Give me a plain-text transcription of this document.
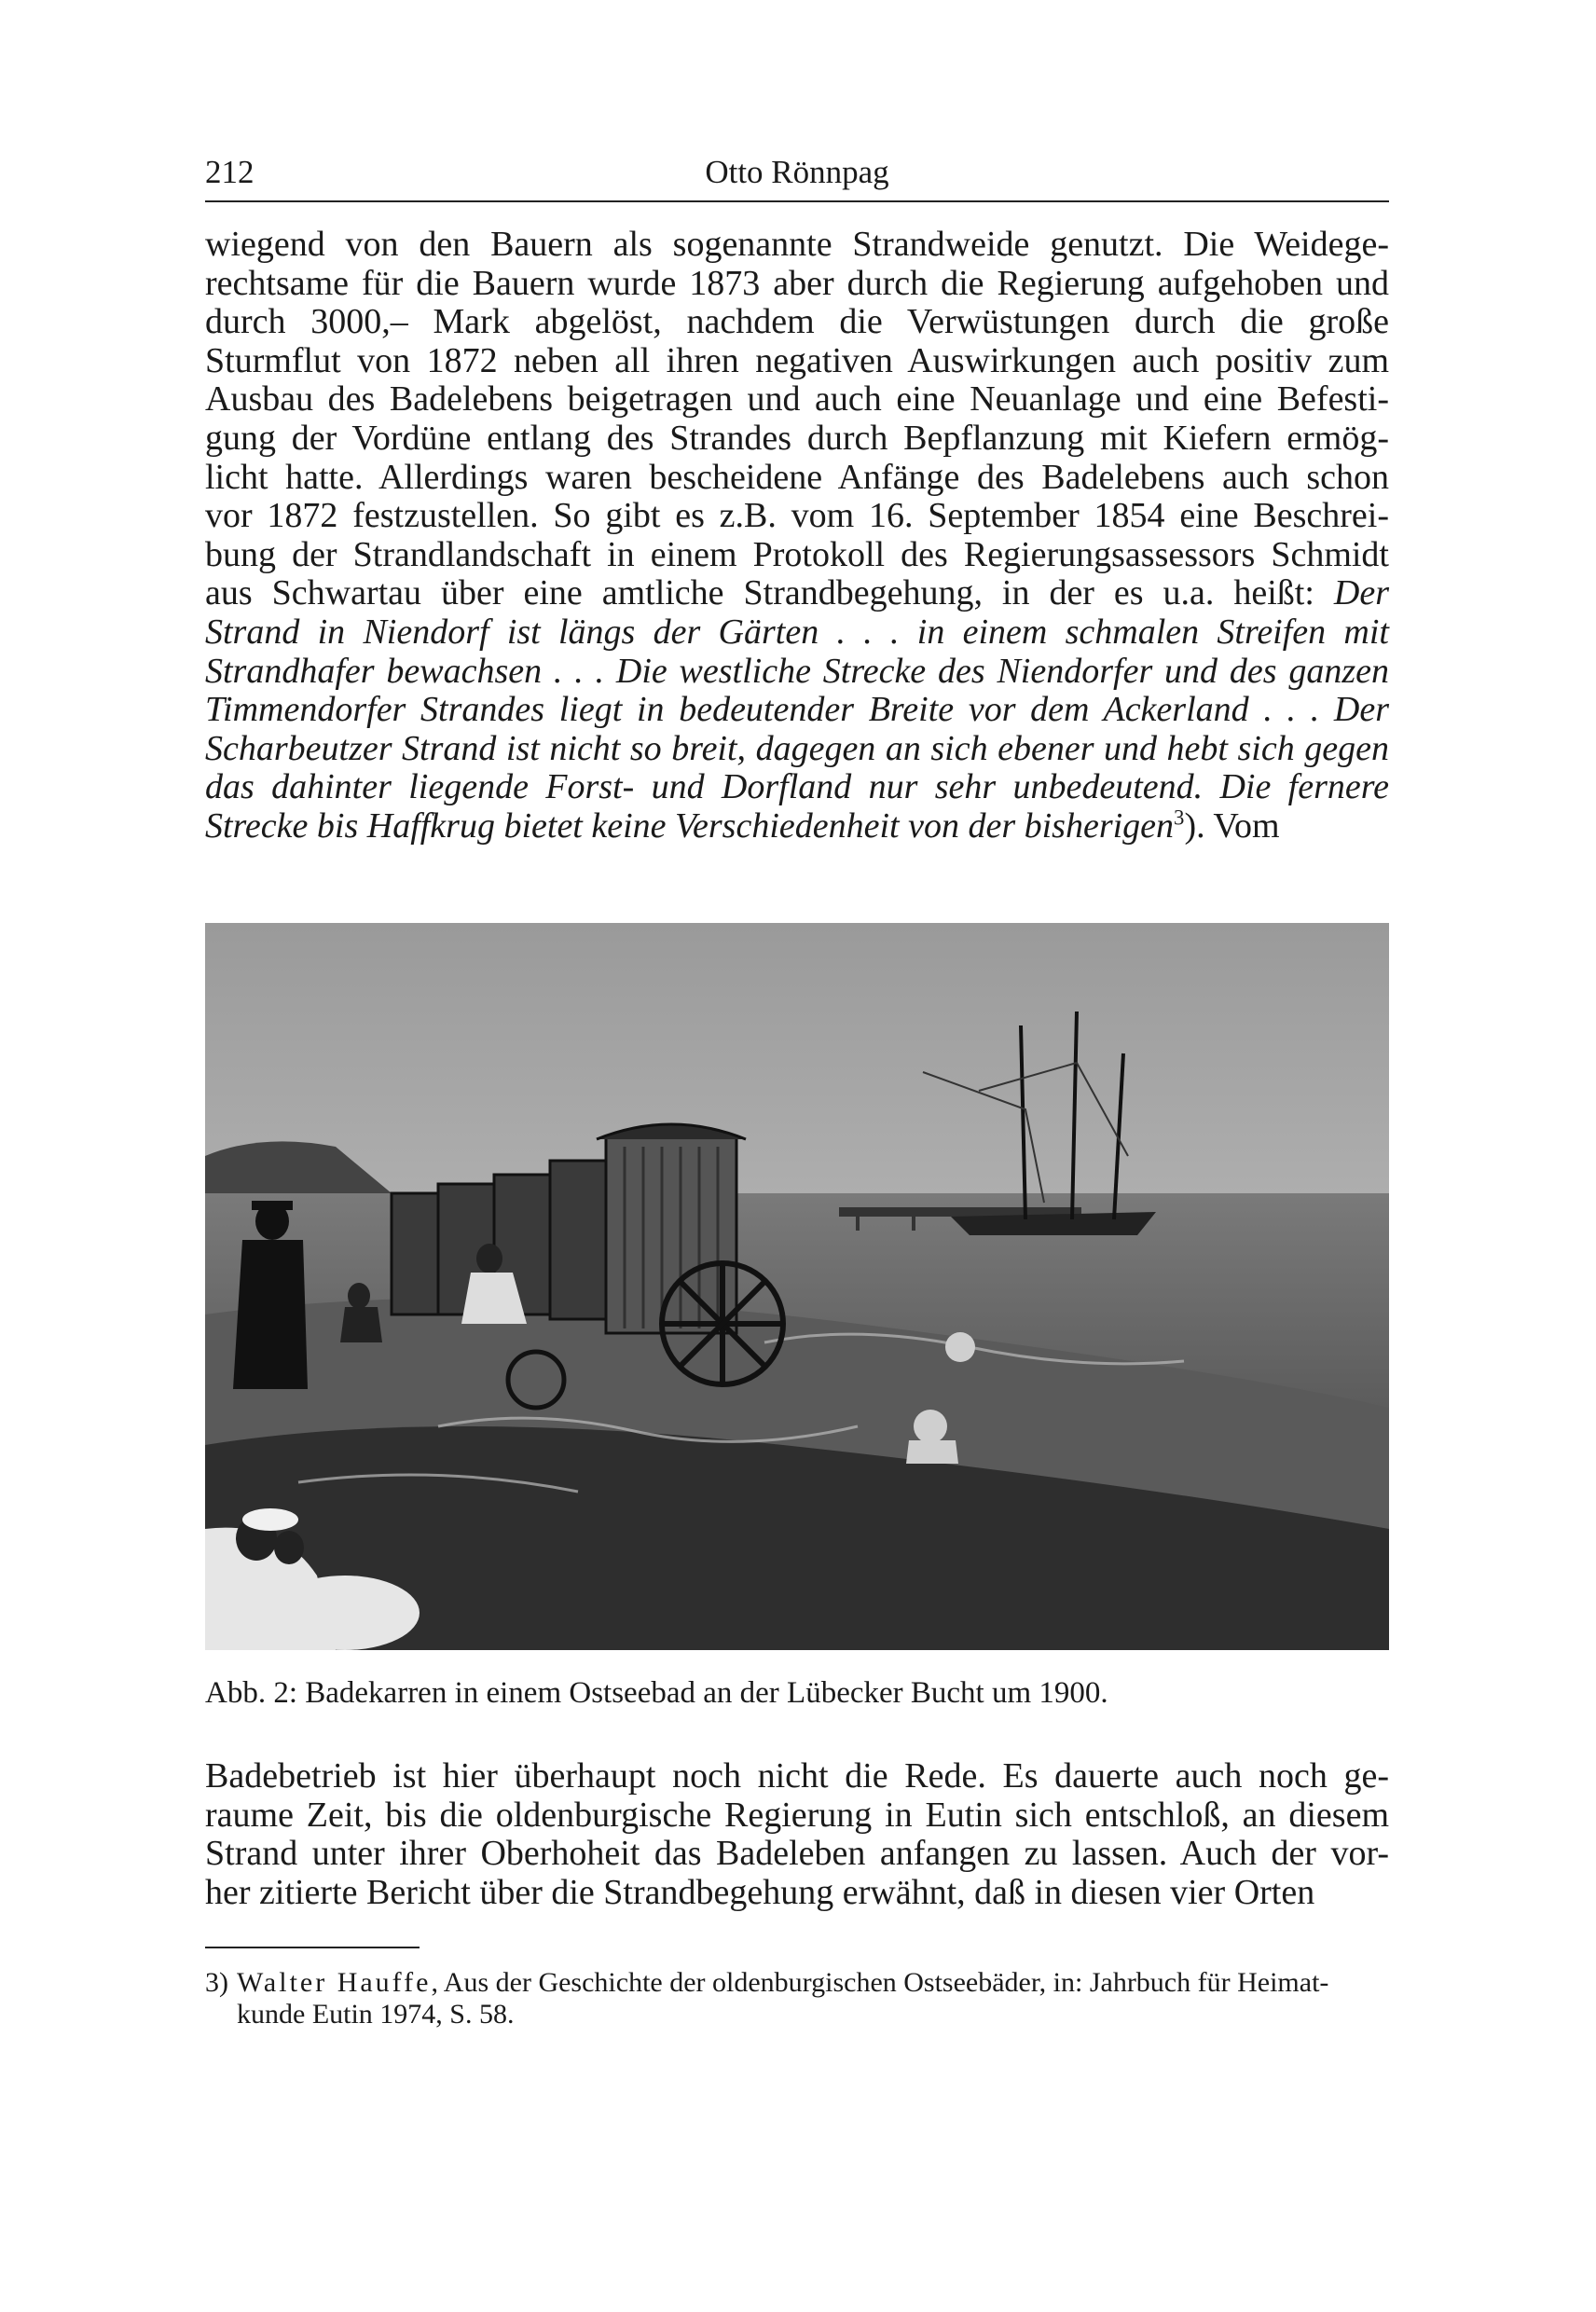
212	Otto Rönnpag

wiegend von den Bauern als sogenannte Strandweide genutzt. Die Weidege-
rechtsame für die Bauern wurde 1873 aber durch die Regierung aufgehoben und
durch 3000,– Mark abgelöst, nachdem die Verwüstungen durch die große
Sturmflut von 1872 neben all ihren negativen Auswirkungen auch positiv zum
Ausbau des Badelebens beigetragen und auch eine Neuanlage und eine Befesti-
gung der Vordüne entlang des Strandes durch Bepflanzung mit Kiefern ermög-
licht hatte. Allerdings waren bescheidene Anfänge des Badelebens auch schon
vor 1872 festzustellen. So gibt es z.B. vom 16. September 1854 eine Beschrei-
bung der Strandlandschaft in einem Protokoll des Regierungsassessors Schmidt
aus Schwartau über eine amtliche Strandbegehung, in der es u.a. heißt: Der
Strand in Niendorf ist längs der Gärten . . . in einem schmalen Streifen mit
Strandhafer bewachsen . . . Die westliche Strecke des Niendorfer und des ganzen
Timmendorfer Strandes liegt in bedeutender Breite vor dem Ackerland . . . Der
Scharbeutzer Strand ist nicht so breit, dagegen an sich ebener und hebt sich gegen
das dahinter liegende Forst- und Dorfland nur sehr unbedeutend. Die fernere
Strecke bis Haffkrug bietet keine Verschiedenheit von der bisherigen$^3$). Vom

Abb. 2: Badekarren in einem Ostseebad an der Lübecker Bucht um 1900.

Badebetrieb ist hier überhaupt noch nicht die Rede. Es dauerte auch noch ge-
raume Zeit, bis die oldenburgische Regierung in Eutin sich entschloß, an diesem
Strand unter ihrer Oberhoheit das Badeleben anfangen zu lassen. Auch der vor-
her zitierte Bericht über die Strandbegehung erwähnt, daß in diesen vier Orten

3) Walter Hauffe, Aus der Geschichte der oldenburgischen Ostseebäder, in: Jahrbuch für Heimat-
kunde Eutin 1974, S. 58.
